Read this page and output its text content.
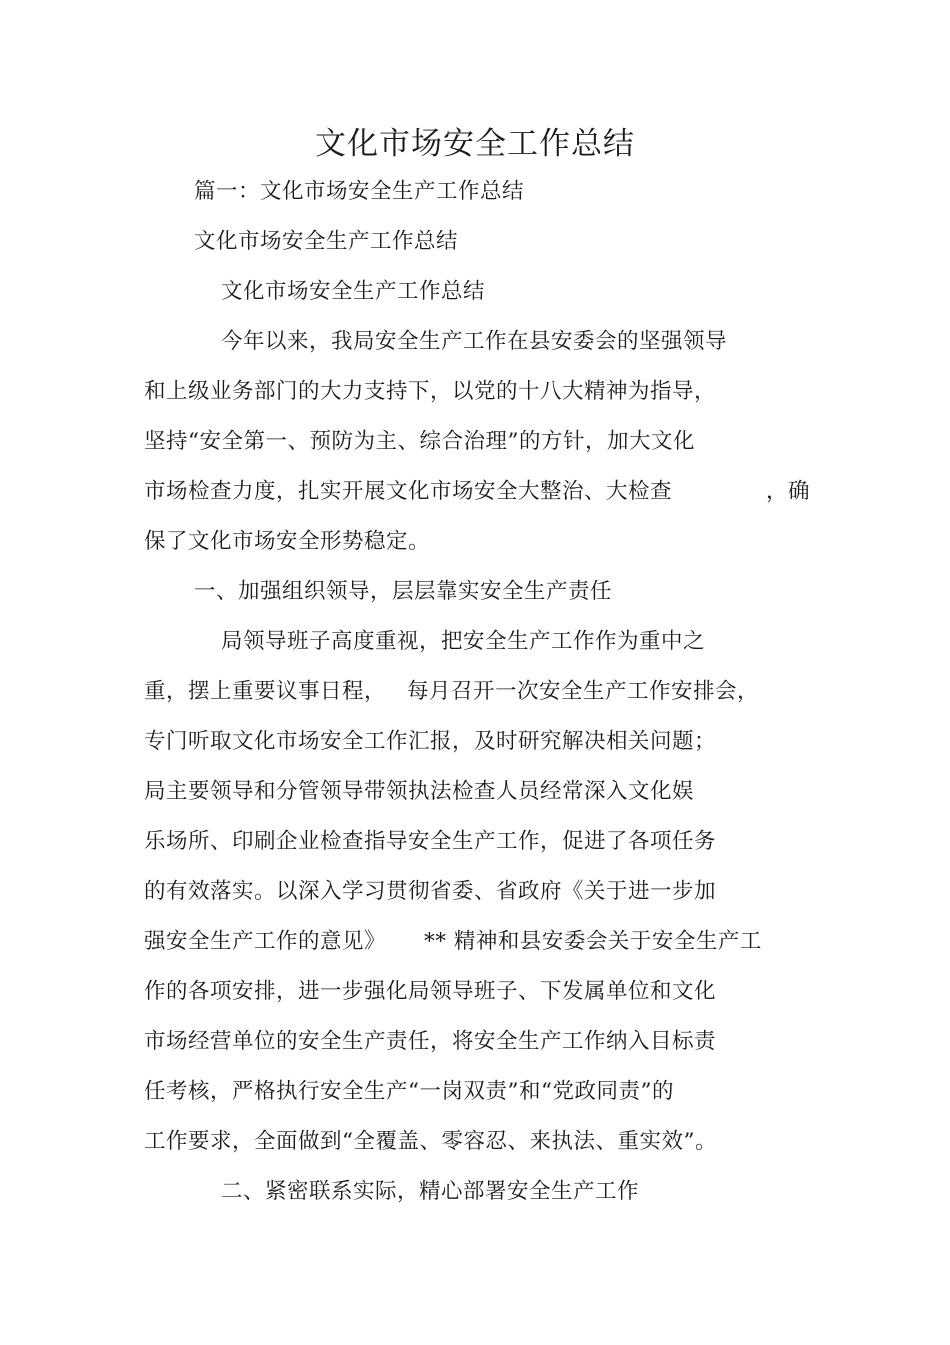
文化市场安全工作总结
篇一：文化市场安全生产工作总结
文化市场安全生产工作总结
文化市场安全生产工作总结
今年以来，我局安全生产工作在县安委会的坚强领导
和上级业务部门的大力支持下，以党的十八大精神为指导，
坚持“安全第一、预防为主、综合治理”的方针，加大文化
市场检查力度，扎实开展文化市场安全大整治、大检查	，确
保了文化市场安全形势稳定。
一、加强组织领导，层层靠实安全生产责任
局领导班子高度重视，把安全生产工作作为重中之
重，摆上重要议事日程， 每月召开一次安全生产工作安排会，
专门听取文化市场安全工作汇报，及时研究解决相关问题；
局主要领导和分管领导带领执法检查人员经常深入文化娱
乐场所、印刷企业检查指导安全生产工作，促进了各项任务
的有效落实。以深入学习贯彻省委、省政府《关于进一步加
强安全生产工作的意见》 ** 精神和县安委会关于安全生产工
作的各项安排，进一步强化局领导班子、下发属单位和文化
市场经营单位的安全生产责任，将安全生产工作纳入目标责
任考核，严格执行安全生产“一岗双责”和“党政同责”的
工作要求，全面做到“全覆盖、零容忍、来执法、重实效”。
二、紧密联系实际，精心部署安全生产工作
